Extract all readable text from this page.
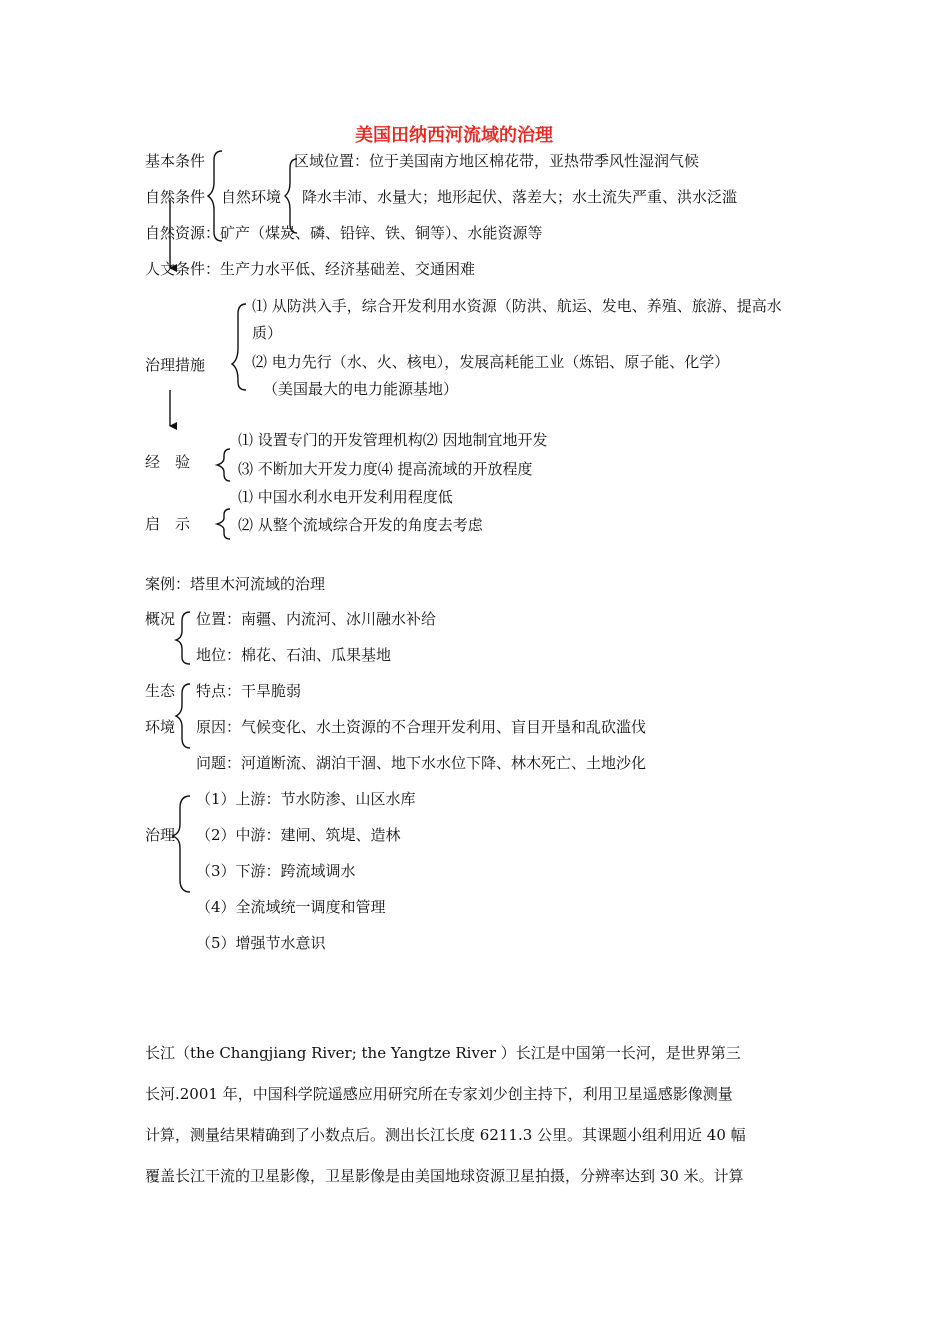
美国田纳西河流域的治理
基本条件	区域位置：位于美国南方地区棉花带，亚热带季风性湿润气候
自然条件 自然环境 降水丰沛、水量大；地形起伏、落差大；水土流失严重、洪水泛滥
自然资源：矿产（煤炭、磷、铅锌、铁、铜等）、水能资源等
人文条件：生产力水平低、经济基础差、交通困难
⑴ 从防洪入手，综合开发利用水资源（防洪、航运、发电、养殖、旅游、提高水
质）
治理措施	⑵ 电力先行（水、火、核电），发展高耗能工业（炼铝、原子能、化学）
（美国最大的电力能源基地）
⑴ 设置专门的开发管理机构⑵ 因地制宜地开发
经　验	⑶ 不断加大开发力度⑷ 提高流域的开放程度
⑴ 中国水利水电开发利用程度低
启　示	⑵ 从整个流域综合开发的角度去考虑
案例：塔里木河流域的治理
概况 位置：南疆、内流河、冰川融水补给
地位：棉花、石油、瓜果基地
生态 特点：干旱脆弱
环境 原因：气候变化、水土资源的不合理开发利用、盲目开垦和乱砍滥伐
问题：河道断流、湖泊干涸、地下水水位下降、林木死亡、土地沙化
治理
（1）上游：节水防渗、山区水库
（2）中游：建闸、筑堤、造林
（3）下游：跨流域调水
（4）全流域统一调度和管理
（5）增强节水意识
长江（the Changjiang River; the Yangtze River ）长江是中国第一长河，是世界第三
长河.2001 年，中国科学院遥感应用研究所在专家刘少创主持下，利用卫星遥感影像测量
计算，测量结果精确到了小数点后。测出长江长度 6211.3 公里。其课题小组利用近 40 幅
覆盖长江干流的卫星影像，卫星影像是由美国地球资源卫星拍摄，分辨率达到 30 米。计算
